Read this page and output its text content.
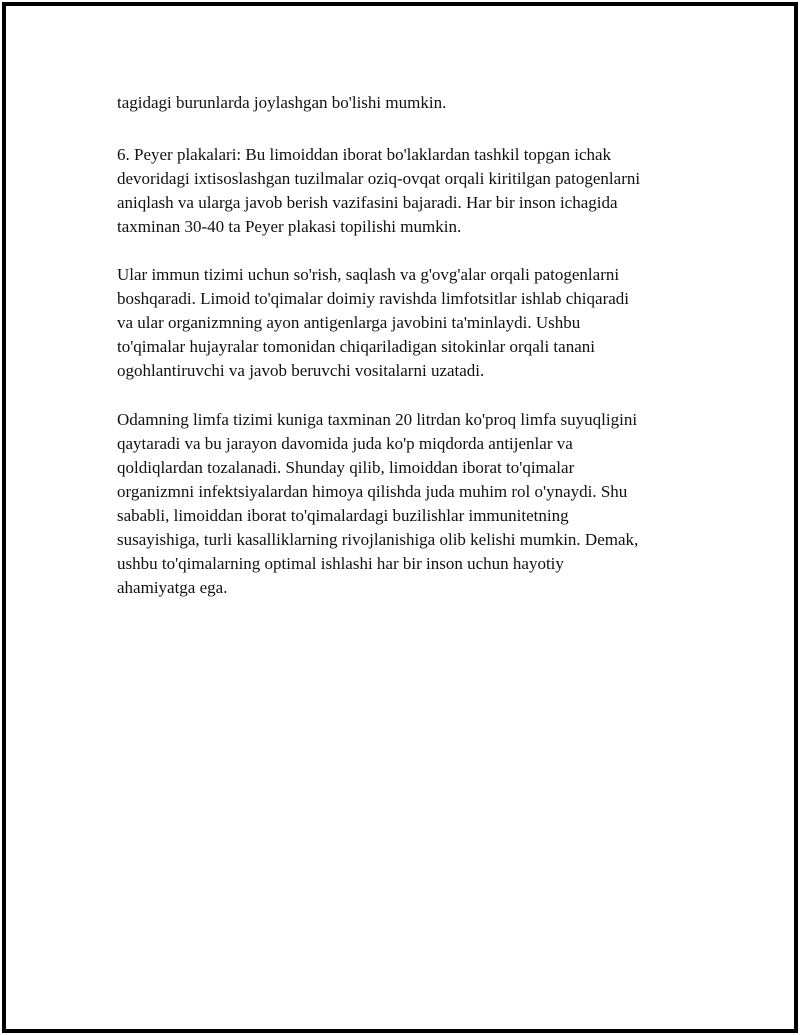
tagidagi burunlarda joylashgan bo'lishi mumkin.
6. Peyer plakalari: Bu limoiddan iborat bo'laklardan tashkil topgan ichak
devoridagi ixtisoslashgan tuzilmalar oziq-ovqat orqali kiritilgan patogenlarni
aniqlash va ularga javob berish vazifasini bajaradi. Har bir inson ichagida
taxminan 30-40 ta Peyer plakasi topilishi mumkin.
Ular immun tizimi uchun so'rish, saqlash va g'ovg'alar orqali patogenlarni
boshqaradi. Limoid to'qimalar doimiy ravishda limfotsitlar ishlab chiqaradi
va ular organizmning ayon antigenlarga javobini ta'minlaydi. Ushbu
to'qimalar hujayralar tomonidan chiqariladigan sitokinlar orqali tanani
ogohlantiruvchi va javob beruvchi vositalarni uzatadi.
Odamning limfa tizimi kuniga taxminan 20 litrdan ko'proq limfa suyuqligini
qaytaradi va bu jarayon davomida juda ko'p miqdorda antijenlar va
qoldiqlardan tozalanadi. Shunday qilib, limoiddan iborat to'qimalar
organizmni infektsiyalardan himoya qilishda juda muhim rol o'ynaydi. Shu
sababli, limoiddan iborat to'qimalardagi buzilishlar immunitetning
susayishiga, turli kasalliklarning rivojlanishiga olib kelishi mumkin. Demak,
ushbu to'qimalarning optimal ishlashi har bir inson uchun hayotiy
ahamiyatga ega.
